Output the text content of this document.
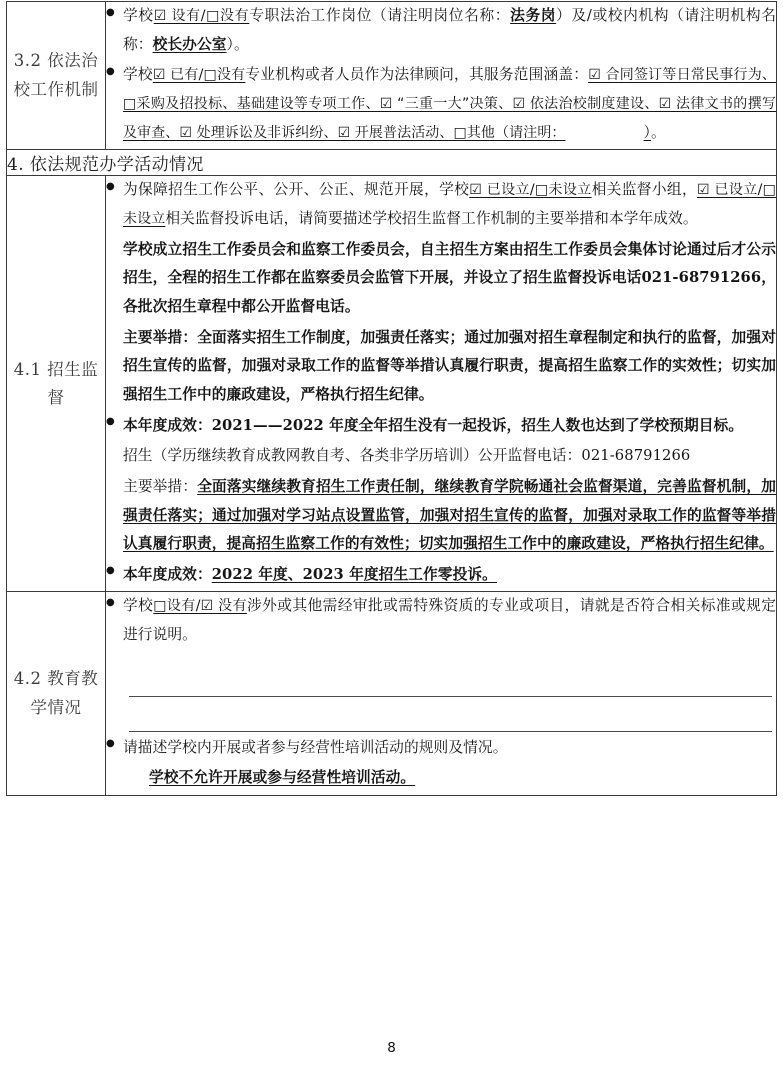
3.2 依法治校工作机制	
● 学校☑ 设有/□没有专职法治工作岗位（请注明岗位名称：法务岗）及/或校内机构（请注明机构名称：校长办公室）。
● 学校☑ 已有/□没有专业机构或者人员作为法律顾问，其服务范围涵盖：☑ 合同签订等日常民事行为、□采购及招投标、基础建设等专项工作、☑ “三重一大”决策、☑ 依法治校制度建设、☑ 法律文书的撰写及审查、☑ 处理诉讼及非诉纠纷、☑ 开展普法活动、□其他（请注明：	）。

4. 依法规范办学活动情况	
4.1 招生监督	
● 为保障招生工作公平、公开、公正、规范开展，学校☑ 已设立/□未设立相关监督小组，☑ 已设立/□未设立相关监督投诉电话，请简要描述学校招生监督工作机制的主要举措和本学年成效。
学校成立招生工作委员会和监察工作委员会，自主招生方案由招生工作委员会集体讨论通过后才公示招生，全程的招生工作都在监察委员会监管下开展，并设立了招生监督投诉电话021-68791266，各批次招生章程中都公开监督电话。
主要举措：全面落实招生工作制度，加强责任落实；通过加强对招生章程制定和执行的监督，加强对招生宣传的监督，加强对录取工作的监督等举措认真履行职责，提高招生监察工作的实效性；切实加强招生工作中的廉政建设，严格执行招生纪律。
● 本年度成效：2021——2022 年度全年招生没有一起投诉，招生人数也达到了学校预期目标。
招生（学历继续教育成教网教自考、各类非学历培训）公开监督电话：021-68791266
主要举措：全面落实继续教育招生工作责任制，继续教育学院畅通社会监督渠道，完善监督机制，加强责任落实；通过加强对学习站点设置监管，加强对招生宣传的监督，加强对录取工作的监督等举措认真履行职责，提高招生监察工作的有效性；切实加强招生工作中的廉政建设，严格执行招生纪律。
● 本年度成效：2022 年度、2023 年度招生工作零投诉。

4.2 教育教学情况	
● 学校□设有/☑ 没有涉外或其他需经审批或需特殊资质的专业或项目，请就是否符合相关标准或规定进行说明。
● 请描述学校内开展或者参与经营性培训活动的规则及情况。
学校不允许开展或参与经营性培训活动。
8
